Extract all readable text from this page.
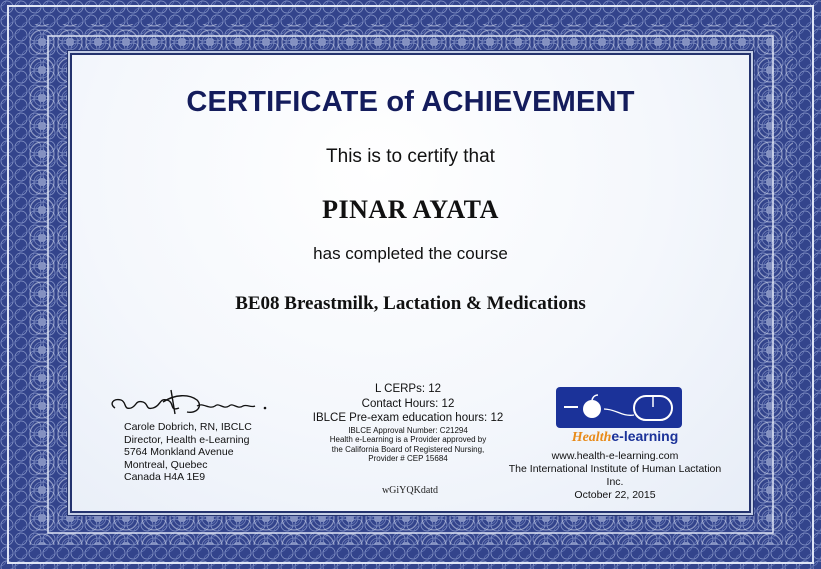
CERTIFICATE of ACHIEVEMENT
This is to certify that
PINAR AYATA
has completed the course
BE08 Breastmilk, Lactation & Medications
Carole Dobrich, RN, IBCLC
Director, Health e-Learning
5764 Monkland Avenue
Montreal, Quebec
Canada H4A 1E9
L CERPs: 12
Contact Hours: 12
IBLCE Pre-exam education hours: 12
IBLCE Approval Number: C21294
Health e-Learning is a Provider approved by
the California Board of Registered Nursing,
Provider # CEP 15684
wGiYQKdatd
Healthe-learning
www.health-e-learning.com
The International Institute of Human Lactation Inc.
October 22, 2015
